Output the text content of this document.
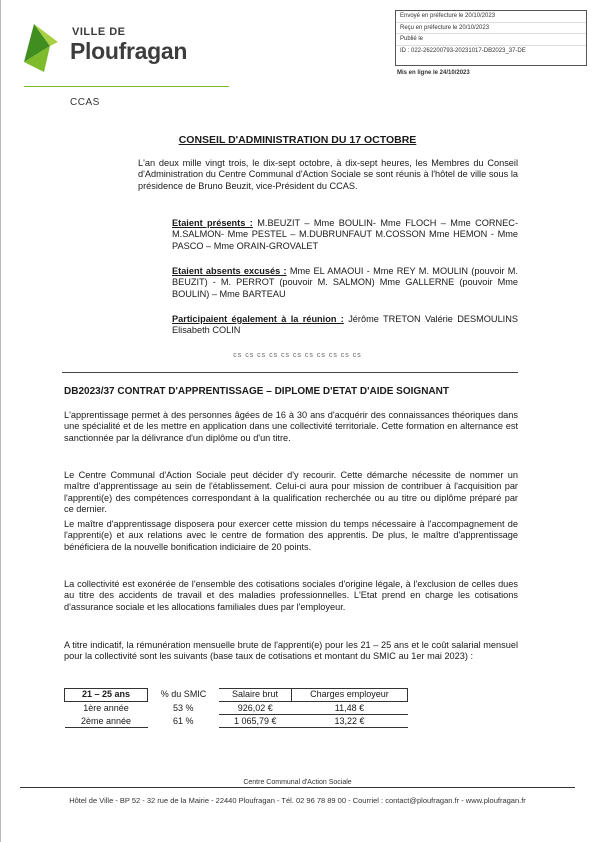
VILLE DE
Ploufragan
CCAS
Envoyé en préfecture le 20/10/2023
Reçu en préfecture le 20/10/2023
Publié le
ID : 022-262200793-20231017-DB2023_37-DE
Mis en ligne le 24/10/2023
CONSEIL D'ADMINISTRATION DU 17 OCTOBRE
L'an deux mille vingt trois, le dix-sept octobre, à dix-sept heures, les Membres du Conseil d'Administration du Centre Communal d'Action Sociale se sont réunis à l'hôtel de ville sous la présidence de Bruno Beuzit, vice-Président du CCAS.
Etaient présents : M.BEUZIT – Mme BOULIN- Mme FLOCH – Mme CORNEC- M.SALMON- Mme PESTEL – M.DUBRUNFAUT M.COSSON Mme HEMON - Mme PASCO – Mme ORAIN-GROVALET
Etaient absents excusés : Mme EL AMAOUI - Mme REY M. MOULIN (pouvoir M. BEUZIT) - M. PERROT (pouvoir M. SALMON) Mme GALLERNE (pouvoir Mme BOULIN) – Mme BARTEAU
Participaient également à la réunion : Jérôme TRETON Valérie DESMOULINS Elisabeth COLIN
cs cs cs cs cs cs cs cs cs cs cs
DB2023/37 CONTRAT D'APPRENTISSAGE – DIPLOME D'ETAT D'AIDE SOIGNANT
L'apprentissage permet à des personnes âgées de 16 à 30 ans d'acquérir des connaissances théoriques dans une spécialité et de les mettre en application dans une collectivité territoriale. Cette formation en alternance est sanctionnée par la délivrance d'un diplôme ou d'un titre.
Le Centre Communal d'Action Sociale peut décider d'y recourir. Cette démarche nécessite de nommer un maître d'apprentissage au sein de l'établissement. Celui-ci aura pour mission de contribuer à l'acquisition par l'apprenti(e) des compétences correspondant à la qualification recherchée ou au titre ou diplôme préparé par ce dernier.
Le maître d'apprentissage disposera pour exercer cette mission du temps nécessaire à l'accompagnement de l'apprenti(e) et aux relations avec le centre de formation des apprentis. De plus, le maître d'apprentissage bénéficiera de la nouvelle bonification indiciaire de 20 points.
La collectivité est exonérée de l'ensemble des cotisations sociales d'origine légale, à l'exclusion de celles dues au titre des accidents de travail et des maladies professionnelles. L'Etat prend en charge les cotisations d'assurance sociale et les allocations familiales dues par l'employeur.
A titre indicatif, la rémunération mensuelle brute de l'apprenti(e) pour les 21 – 25 ans et le coût salarial mensuel pour la collectivité sont les suivants (base taux de cotisations et montant du SMIC au 1er mai 2023) :
21 – 25 ans	% du SMIC	Salaire brut	Charges employeur
1ère année	53 %	926,02 €	11,48 €
2ème année	61 %	1 065,79 €	13,22 €
Centre Communal d'Action Sociale
Hôtel de Ville - BP 52 - 32 rue de la Mairie - 22440 Ploufragan - Tél. 02 96 78 89 00 - Courriel : contact@ploufragan.fr - www.ploufragan.fr
